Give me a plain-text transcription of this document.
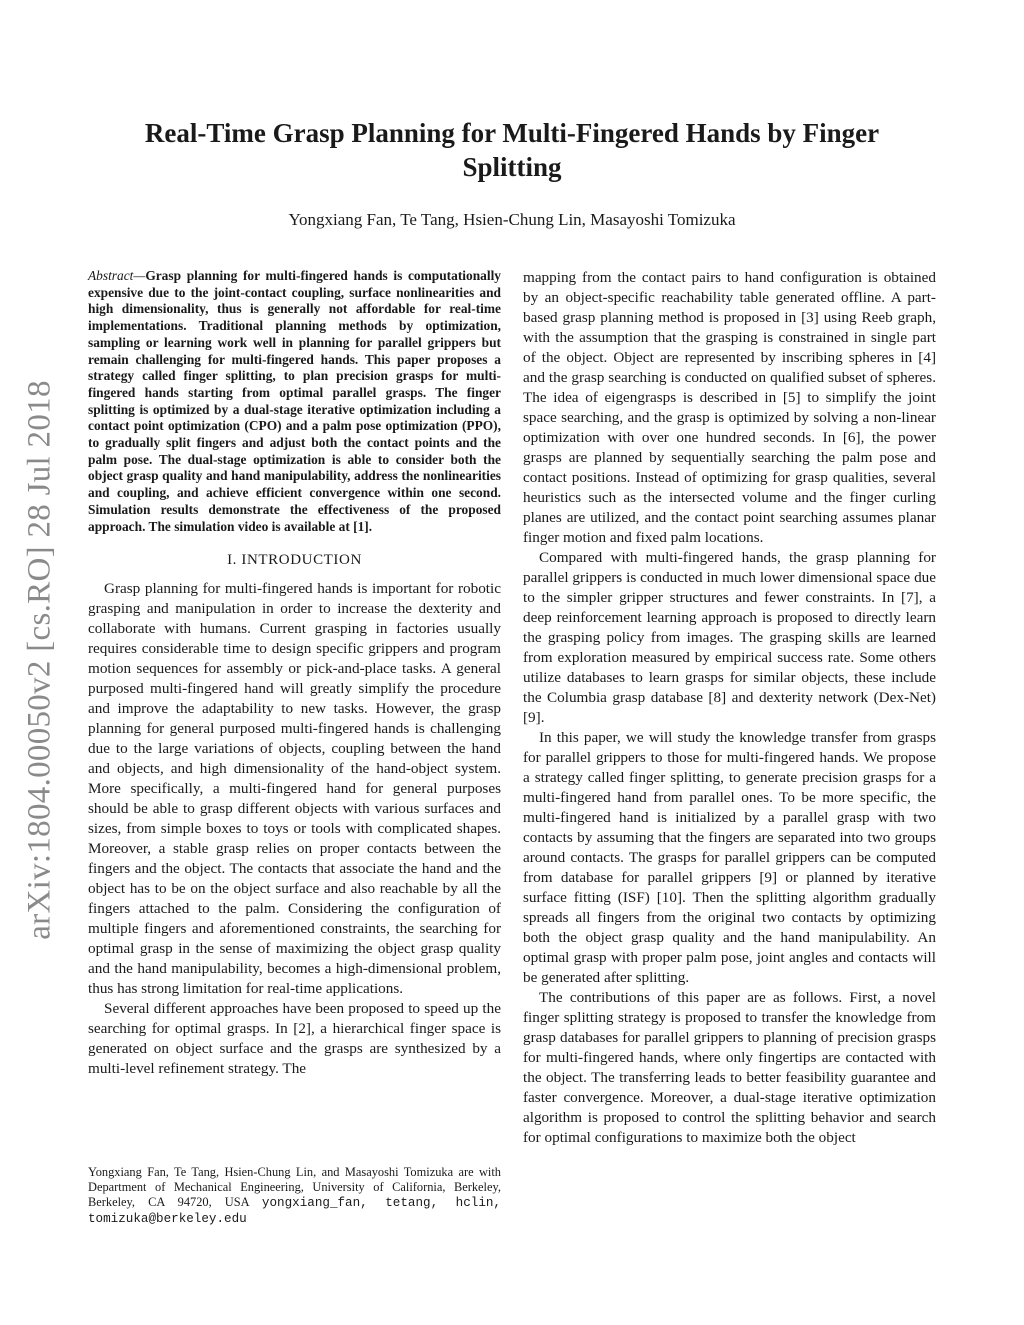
arXiv:1804.00050v2 [cs.RO] 28 Jul 2018
Real-Time Grasp Planning for Multi-Fingered Hands by Finger Splitting
Yongxiang Fan, Te Tang, Hsien-Chung Lin, Masayoshi Tomizuka

Abstract—Grasp planning for multi-fingered hands is computationally expensive due to the joint-contact coupling, surface nonlinearities and high dimensionality, thus is generally not affordable for real-time implementations. Traditional planning methods by optimization, sampling or learning work well in planning for parallel grippers but remain challenging for multi-fingered hands. This paper proposes a strategy called finger splitting, to plan precision grasps for multi-fingered hands starting from optimal parallel grasps. The finger splitting is optimized by a dual-stage iterative optimization including a contact point optimization (CPO) and a palm pose optimization (PPO), to gradually split fingers and adjust both the contact points and the palm pose. The dual-stage optimization is able to consider both the object grasp quality and hand manipulability, address the nonlinearities and coupling, and achieve efficient convergence within one second. Simulation results demonstrate the effectiveness of the proposed approach. The simulation video is available at [1].

I. INTRODUCTION

Grasp planning for multi-fingered hands is important for robotic grasping and manipulation in order to increase the dexterity and collaborate with humans. Current grasping in factories usually requires considerable time to design specific grippers and program motion sequences for assembly or pick-and-place tasks. A general purposed multi-fingered hand will greatly simplify the procedure and improve the adaptability to new tasks. However, the grasp planning for general purposed multi-fingered hands is challenging due to the large variations of objects, coupling between the hand and objects, and high dimensionality of the hand-object system. More specifically, a multi-fingered hand for general purposes should be able to grasp different objects with various surfaces and sizes, from simple boxes to toys or tools with complicated shapes. Moreover, a stable grasp relies on proper contacts between the fingers and the object. The contacts that associate the hand and the object has to be on the object surface and also reachable by all the fingers attached to the palm. Considering the configuration of multiple fingers and aforementioned constraints, the searching for optimal grasp in the sense of maximizing the object grasp quality and the hand manipulability, becomes a high-dimensional problem, thus has strong limitation for real-time applications.

Several different approaches have been proposed to speed up the searching for optimal grasps. In [2], a hierarchical finger space is generated on object surface and the grasps are synthesized by a multi-level refinement strategy. The

Yongxiang Fan, Te Tang, Hsien-Chung Lin, and Masayoshi Tomizuka are with Department of Mechanical Engineering, University of California, Berkeley, Berkeley, CA 94720, USA yongxiang_fan, tetang, hclin, tomizuka@berkeley.edu

mapping from the contact pairs to hand configuration is obtained by an object-specific reachability table generated offline. A part-based grasp planning method is proposed in [3] using Reeb graph, with the assumption that the grasping is constrained in single part of the object. Object are represented by inscribing spheres in [4] and the grasp searching is conducted on qualified subset of spheres. The idea of eigengrasps is described in [5] to simplify the joint space searching, and the grasp is optimized by solving a non-linear optimization with over one hundred seconds. In [6], the power grasps are planned by sequentially searching the palm pose and contact positions. Instead of optimizing for grasp qualities, several heuristics such as the intersected volume and the finger curling planes are utilized, and the contact point searching assumes planar finger motion and fixed palm locations.

Compared with multi-fingered hands, the grasp planning for parallel grippers is conducted in much lower dimensional space due to the simpler gripper structures and fewer constraints. In [7], a deep reinforcement learning approach is proposed to directly learn the grasping policy from images. The grasping skills are learned from exploration measured by empirical success rate. Some others utilize databases to learn grasps for similar objects, these include the Columbia grasp database [8] and dexterity network (Dex-Net) [9].

In this paper, we will study the knowledge transfer from grasps for parallel grippers to those for multi-fingered hands. We propose a strategy called finger splitting, to generate precision grasps for a multi-fingered hand from parallel ones. To be more specific, the multi-fingered hand is initialized by a parallel grasp with two contacts by assuming that the fingers are separated into two groups around contacts. The grasps for parallel grippers can be computed from database for parallel grippers [9] or planned by iterative surface fitting (ISF) [10]. Then the splitting algorithm gradually spreads all fingers from the original two contacts by optimizing both the object grasp quality and the hand manipulability. An optimal grasp with proper palm pose, joint angles and contacts will be generated after splitting.

The contributions of this paper are as follows. First, a novel finger splitting strategy is proposed to transfer the knowledge from grasp databases for parallel grippers to planning of precision grasps for multi-fingered hands, where only fingertips are contacted with the object. The transferring leads to better feasibility guarantee and faster convergence. Moreover, a dual-stage iterative optimization algorithm is proposed to control the splitting behavior and search for optimal configurations to maximize both the object
